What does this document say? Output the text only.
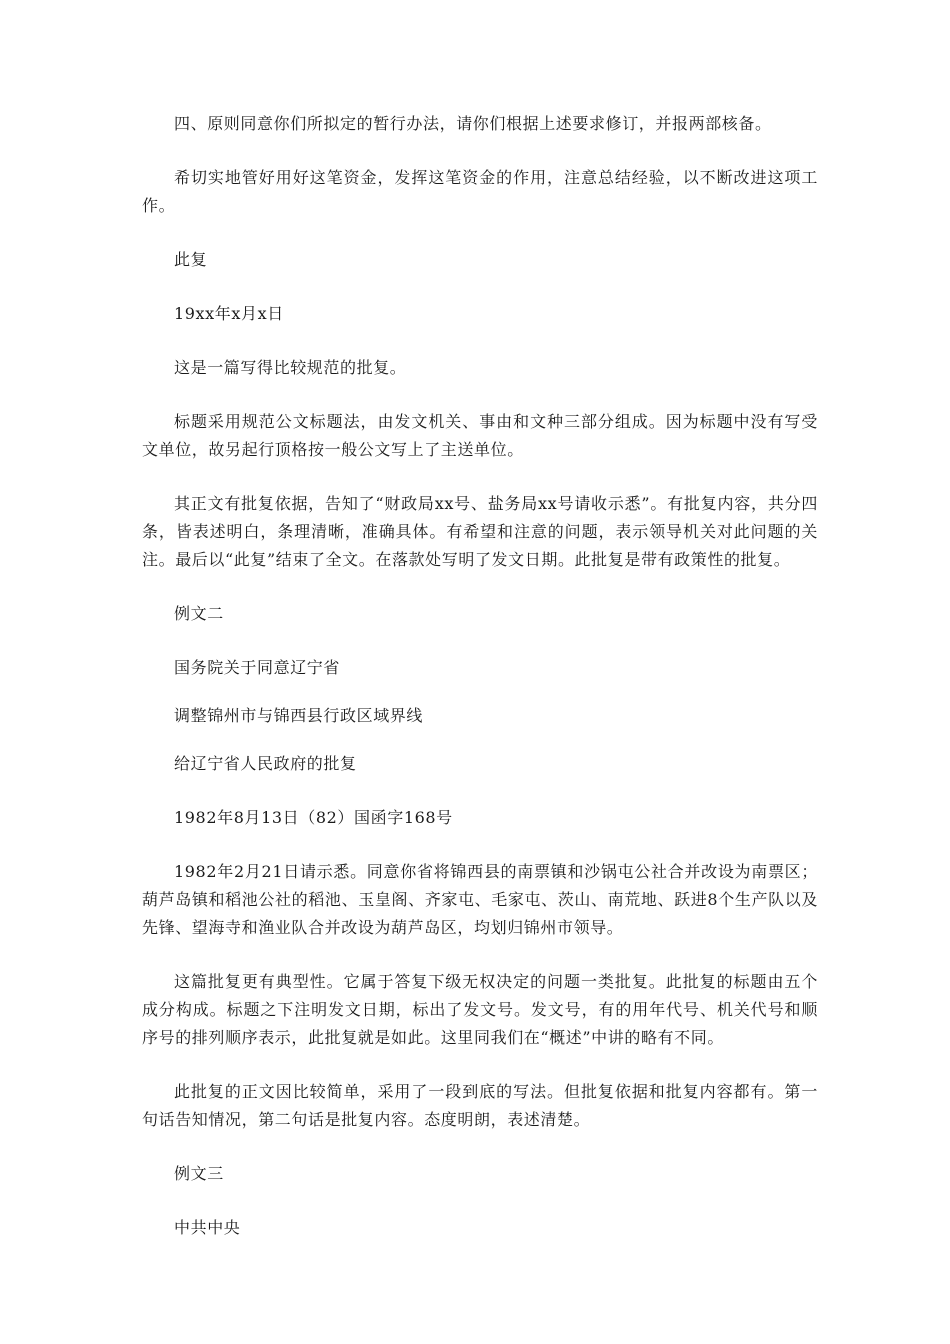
四、原则同意你们所拟定的暂行办法，请你们根据上述要求修订，并报两部核备。

希切实地管好用好这笔资金，发挥这笔资金的作用，注意总结经验，以不断改进这项工作。

此复

19xx年x月x日

这是一篇写得比较规范的批复。

标题采用规范公文标题法，由发文机关、事由和文种三部分组成。因为标题中没有写受文单位，故另起行顶格按一般公文写上了主送单位。

其正文有批复依据，告知了“财政局xx号、盐务局xx号请收示悉”。有批复内容，共分四条，皆表述明白，条理清晰，准确具体。有希望和注意的问题，表示领导机关对此问题的关注。最后以“此复”结束了全文。在落款处写明了发文日期。此批复是带有政策性的批复。

例文二

国务院关于同意辽宁省

调整锦州市与锦西县行政区域界线

给辽宁省人民政府的批复

1982年8月13日（82）国函字168号

1982年2月21日请示悉。同意你省将锦西县的南票镇和沙锅屯公社合并改设为南票区；葫芦岛镇和稻池公社的稻池、玉皇阁、齐家屯、毛家屯、茨山、南荒地、跃进8个生产队以及先锋、望海寺和渔业队合并改设为葫芦岛区，均划归锦州市领导。

这篇批复更有典型性。它属于答复下级无权决定的问题一类批复。此批复的标题由五个成分构成。标题之下注明发文日期，标出了发文号。发文号，有的用年代号、机关代号和顺序号的排列顺序表示，此批复就是如此。这里同我们在“概述”中讲的略有不同。

此批复的正文因比较简单，采用了一段到底的写法。但批复依据和批复内容都有。第一句话告知情况，第二句话是批复内容。态度明朗，表述清楚。

例文三

中共中央
